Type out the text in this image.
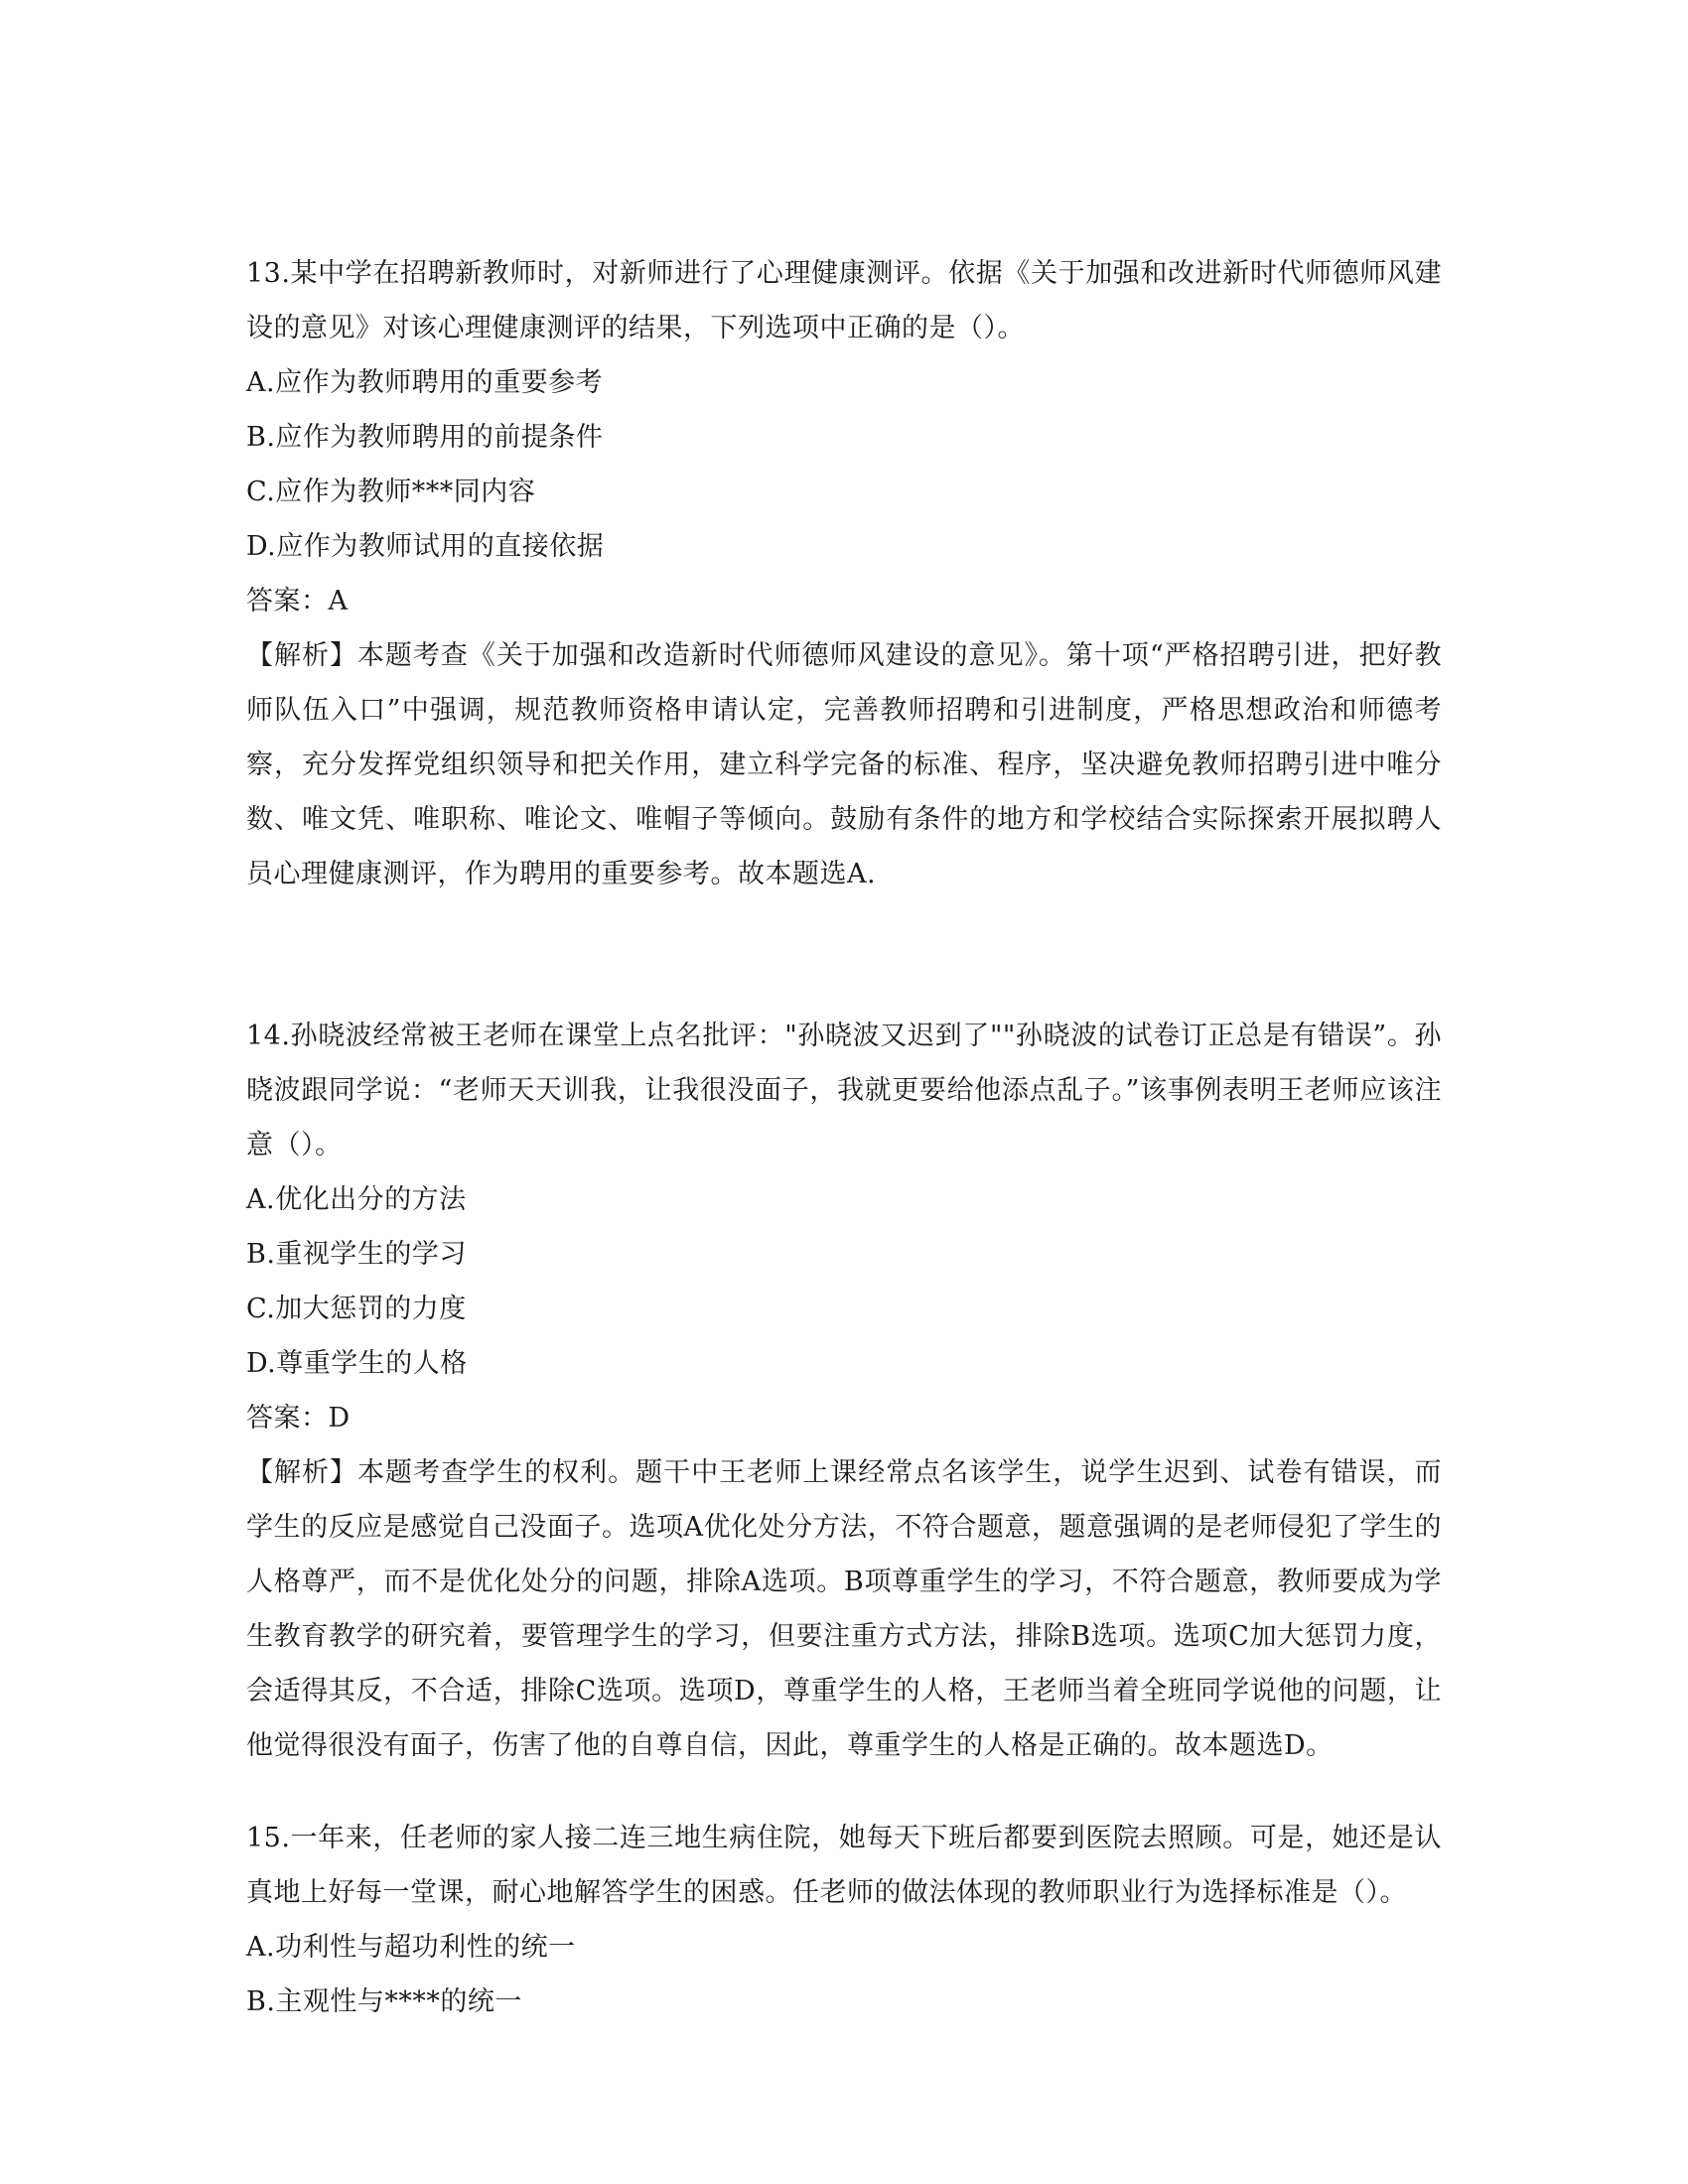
13.某中学在招聘新教师时，对新师进行了心理健康测评。依据《关于加强和改进新时代师德师风建设的意见》对该心理健康测评的结果，下列选项中正确的是（）。
A.应作为教师聘用的重要参考
B.应作为教师聘用的前提条件
C.应作为教师***同内容
D.应作为教师试用的直接依据
答案：A
【解析】本题考查《关于加强和改造新时代师德师风建设的意见》。第十项“严格招聘引进，把好教师队伍入口”中强调，规范教师资格申请认定，完善教师招聘和引进制度，严格思想政治和师德考察，充分发挥党组织领导和把关作用，建立科学完备的标准、程序，坚决避免教师招聘引进中唯分数、唯文凭、唯职称、唯论文、唯帽子等倾向。鼓励有条件的地方和学校结合实际探索开展拟聘人员心理健康测评，作为聘用的重要参考。故本题选A.
14.孙晓波经常被王老师在课堂上点名批评："孙晓波又迟到了""孙晓波的试卷订正总是有错误”。孙晓波跟同学说：“老师天天训我，让我很没面子，我就更要给他添点乱子。”该事例表明王老师应该注意（）。
A.优化出分的方法
B.重视学生的学习
C.加大惩罚的力度
D.尊重学生的人格
答案：D
【解析】本题考查学生的权利。题干中王老师上课经常点名该学生，说学生迟到、试卷有错误，而学生的反应是感觉自己没面子。选项A优化处分方法，不符合题意，题意强调的是老师侵犯了学生的人格尊严，而不是优化处分的问题，排除A选项。B项尊重学生的学习，不符合题意，教师要成为学生教育教学的研究着，要管理学生的学习，但要注重方式方法，排除B选项。选项C加大惩罚力度，会适得其反，不合适，排除C选项。选项D，尊重学生的人格，王老师当着全班同学说他的问题，让他觉得很没有面子，伤害了他的自尊自信，因此，尊重学生的人格是正确的。故本题选D。
15.一年来，任老师的家人接二连三地生病住院，她每天下班后都要到医院去照顾。可是，她还是认真地上好每一堂课，耐心地解答学生的困惑。任老师的做法体现的教师职业行为选择标准是（）。
A.功利性与超功利性的统一
B.主观性与****的统一
